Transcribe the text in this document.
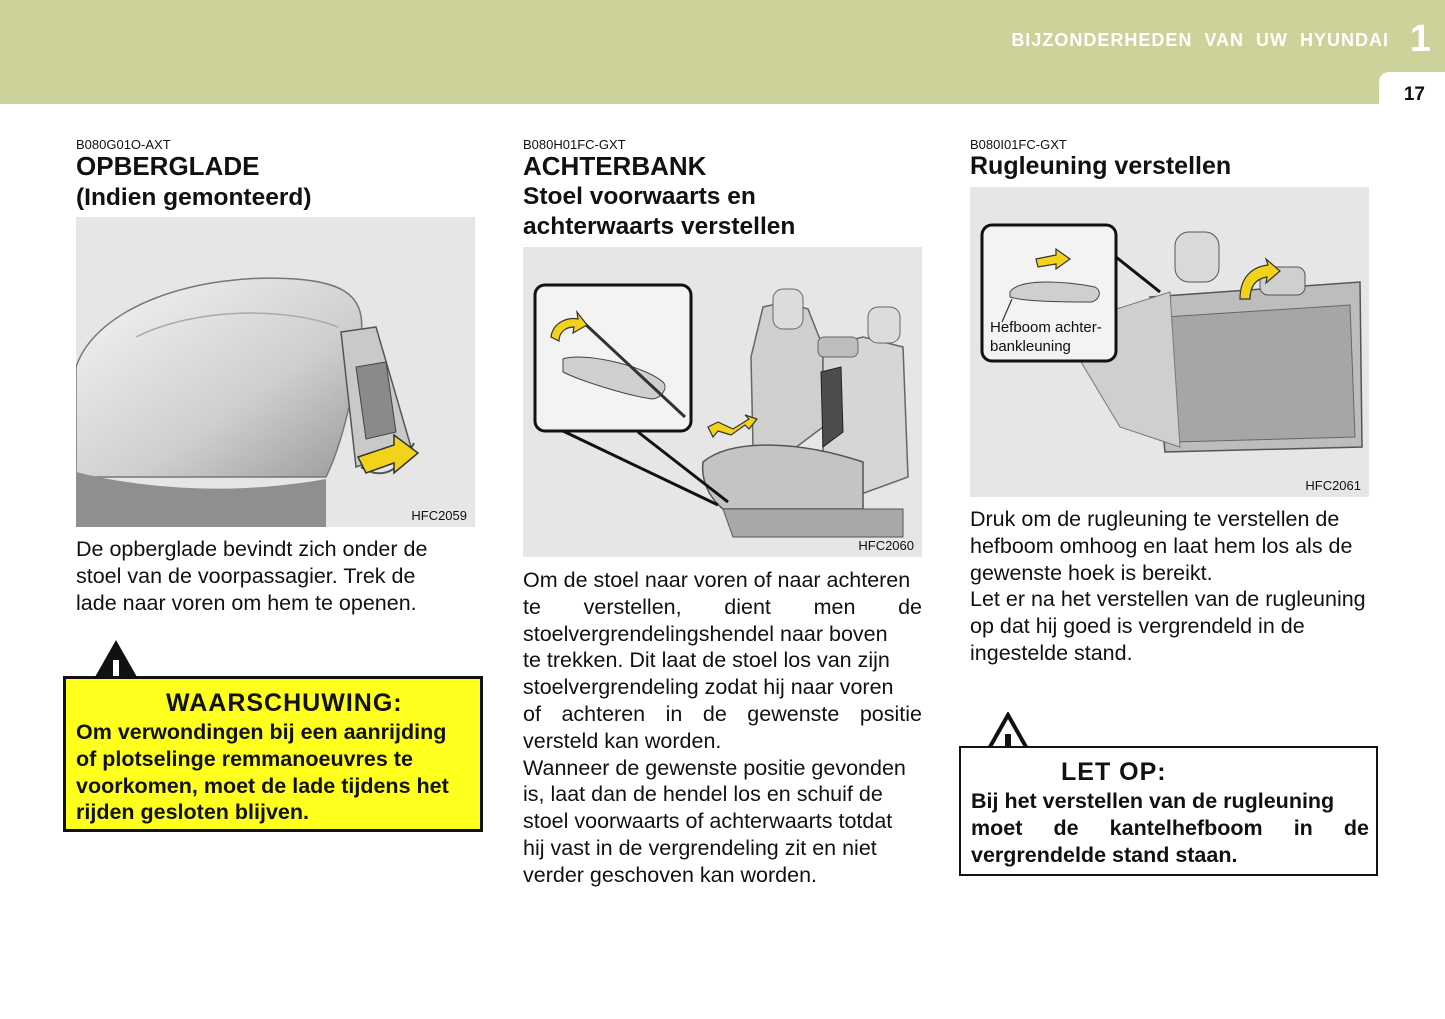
BIJZONDERHEDEN VAN UW HYUNDAI 1
17
B080G01O-AXT
OPBERGLADE
(Indien gemonteerd)
HFC2059
De opberglade bevindt zich onder de
stoel van de voorpassagier. Trek de
lade naar voren om hem te openen.
WAARSCHUWING:
Om verwondingen bij een aanrijding
of plotselinge remmanoeuvres te
voorkomen, moet de lade tijdens het
rijden gesloten blijven.
B080H01FC-GXT
ACHTERBANK
Stoel voorwaarts en
achterwaarts verstellen
HFC2060
Om de stoel naar voren of naar achteren
te verstellen, dient men de
stoelvergrendelingshendel naar boven
te trekken. Dit laat de stoel los van zijn
stoelvergrendeling zodat hij naar voren
of achteren in de gewenste positie
versteld kan worden.
Wanneer de gewenste positie gevonden
is, laat dan de hendel los en schuif de
stoel voorwaarts of achterwaarts totdat
hij vast in de vergrendeling zit en niet
verder geschoven kan worden.
B080I01FC-GXT
Rugleuning verstellen
Hefboom achter-
bankleuning
HFC2061
Druk om de rugleuning te verstellen de
hefboom omhoog en laat hem los als de
gewenste hoek is bereikt.
Let er na het verstellen van de rugleuning
op dat hij goed is vergrendeld in de
ingestelde stand.
LET OP:
Bij het verstellen van de rugleuning
moet de kantelhefboom in de
vergrendelde stand staan.
